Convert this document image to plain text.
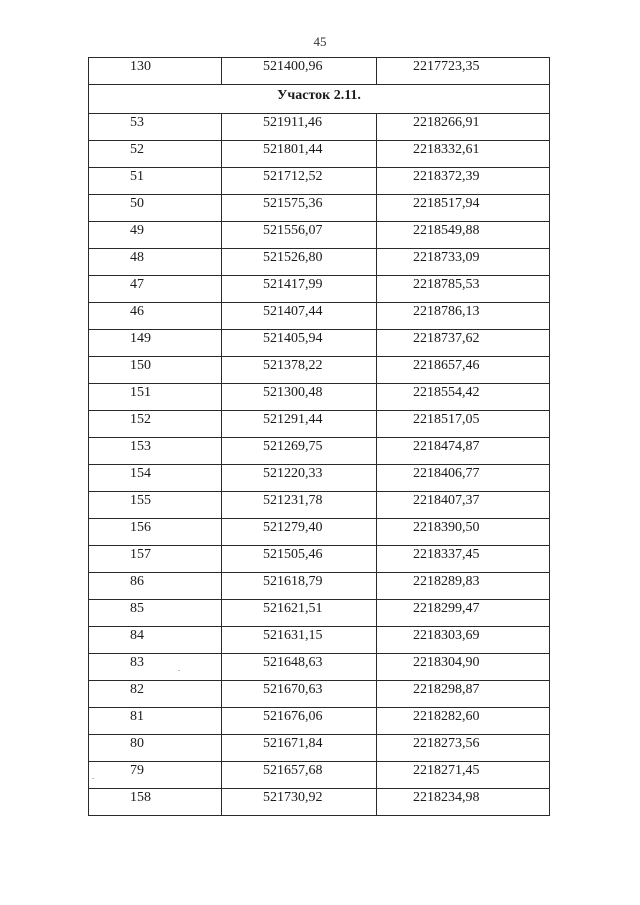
45
130	521400,96	2217723,35
Участок 2.11.		
53	521911,46	2218266,91
52	521801,44	2218332,61
51	521712,52	2218372,39
50	521575,36	2218517,94
49	521556,07	2218549,88
48	521526,80	2218733,09
47	521417,99	2218785,53
46	521407,44	2218786,13
149	521405,94	2218737,62
150	521378,22	2218657,46
151	521300,48	2218554,42
152	521291,44	2218517,05
153	521269,75	2218474,87
154	521220,33	2218406,77
155	521231,78	2218407,37
156	521279,40	2218390,50
157	521505,46	2218337,45
86	521618,79	2218289,83
85	521621,51	2218299,47
84	521631,15	2218303,69
83	521648,63	2218304,90
82	521670,63	2218298,87
81	521676,06	2218282,60
80	521671,84	2218273,56
79	521657,68	2218271,45
158	521730,92	2218234,98
